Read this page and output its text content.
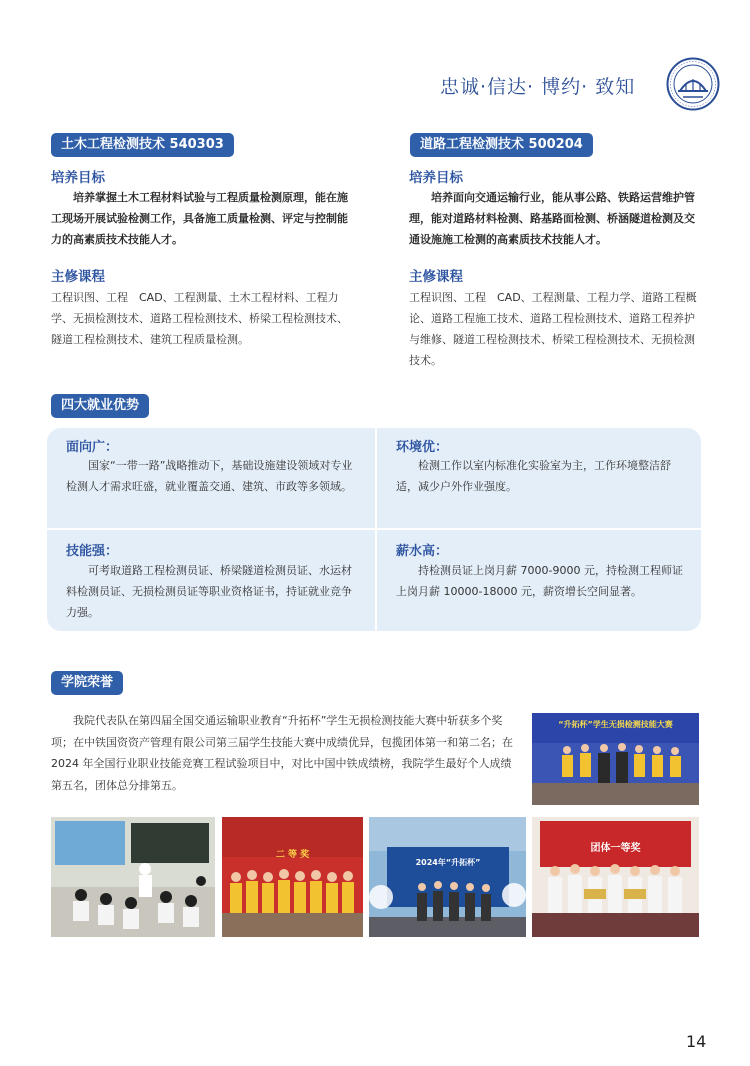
忠诚·信达· 博约· 致知
土木工程检测技术 540303
培养目标
培养掌握土木工程材料试验与工程质量检测原理，能在施工现场开展试验检测工作，具备施工质量检测、评定与控制能力的高素质技术技能人才。
主修课程
工程识图、工程　CAD、工程测量、土木工程材料、工程力学、无损检测技术、道路工程检测技术、桥梁工程检测技术、隧道工程检测技术、建筑工程质量检测。
道路工程检测技术 500204
培养目标
培养面向交通运输行业，能从事公路、铁路运营维护管理，能对道路材料检测、路基路面检测、桥涵隧道检测及交通设施施工检测的高素质技术技能人才。
主修课程
工程识图、工程　CAD、工程测量、工程力学、道路工程概论、道路工程施工技术、道路工程检测技术、道路工程养护与维修、隧道工程检测技术、桥梁工程检测技术、无损检测技术。
四大就业优势
面向广：
国家“一带一路”战略推动下，基础设施建设领域对专业检测人才需求旺盛，就业覆盖交通、建筑、市政等多领域。
环境优：
检测工作以室内标准化实验室为主，工作环境整洁舒适，减少户外作业强度。
技能强：
可考取道路工程检测员证、桥梁隧道检测员证、水运材料检测员证、无损检测员证等职业资格证书，持证就业竞争力强。
薪水高：
持检测员证上岗月薪 7000-9000 元，持检测工程师证上岗月薪 10000-18000 元，薪资增长空间显著。
学院荣誉
我院代表队在第四届全国交通运输职业教育“升拓杯”学生无损检测技能大赛中斩获多个奖项；在中铁国资资产管理有限公司第三届学生技能大赛中成绩优异，包揽团体第一和第二名；在 2024 年全国行业职业技能竞赛工程试验项目中，对比中国中铁成绩榜，我院学生最好个人成绩第五名，团体总分排第五。
“升拓杯”学生无损检测技能大赛
二 等 奖
2024年“升拓杯”
团体一等奖
14
